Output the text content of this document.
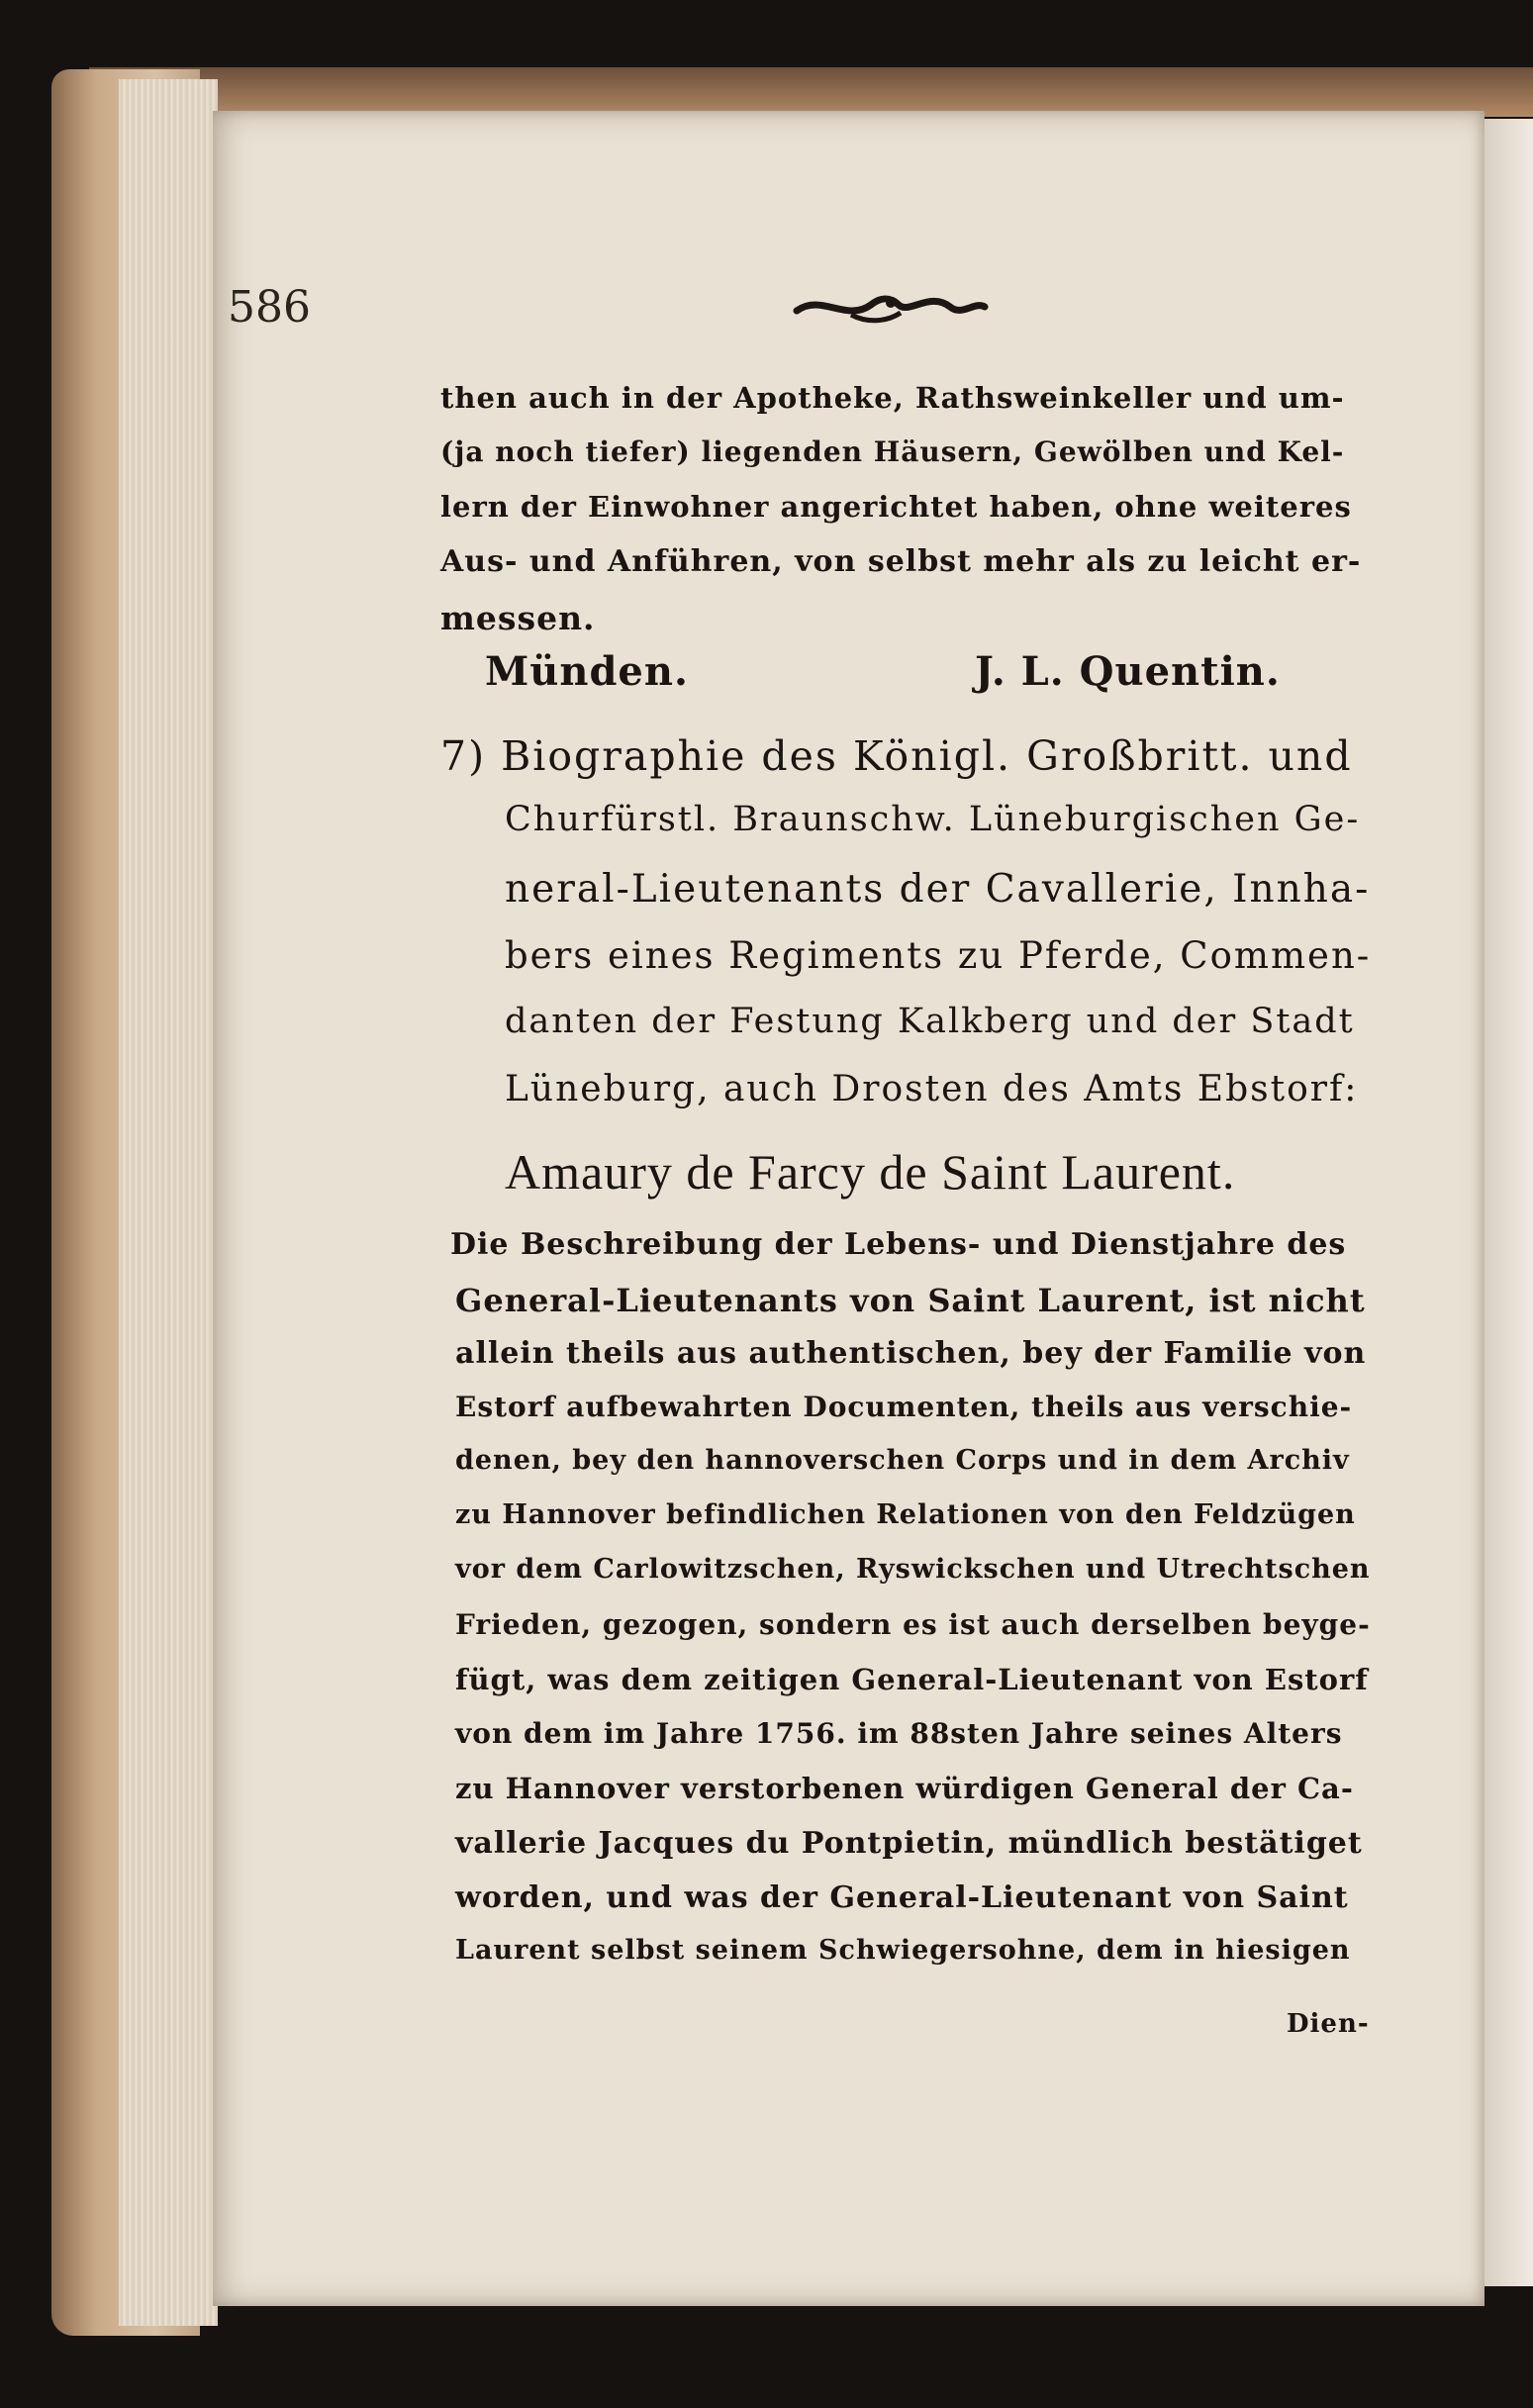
586
then auch in der Apotheke, Rathsweinkeller und um-
(ja noch tiefer) liegenden Häusern, Gewölben und Kel-
lern der Einwohner angerichtet haben, ohne weiteres
Aus- und Anführen, von selbst mehr als zu leicht er-
messen.
Münden.	J. L. Quentin.
7) Biographie des Königl. Großbritt. und
Churfürstl. Braunschw. Lüneburgischen Ge-
neral-Lieutenants der Cavallerie, Innha-
bers eines Regiments zu Pferde, Commen-
danten der Festung Kalkberg und der Stadt
Lüneburg, auch Drosten des Amts Ebstorf:
Amaury de Farcy de Saint Laurent.
Die Beschreibung der Lebens- und Dienstjahre des
General-Lieutenants von Saint Laurent, ist nicht
allein theils aus authentischen, bey der Familie von
Estorf aufbewahrten Documenten, theils aus verschie-
denen, bey den hannoverschen Corps und in dem Archiv
zu Hannover befindlichen Relationen von den Feldzügen
vor dem Carlowitzschen, Ryswickschen und Utrechtschen
Frieden, gezogen, sondern es ist auch derselben beyge-
fügt, was dem zeitigen General-Lieutenant von Estorf
von dem im Jahre 1756. im 88sten Jahre seines Alters
zu Hannover verstorbenen würdigen General der Ca-
vallerie Jacques du Pontpietin, mündlich bestätiget
worden, und was der General-Lieutenant von Saint
Laurent selbst seinem Schwiegersohne, dem in hiesigen
Dien-
